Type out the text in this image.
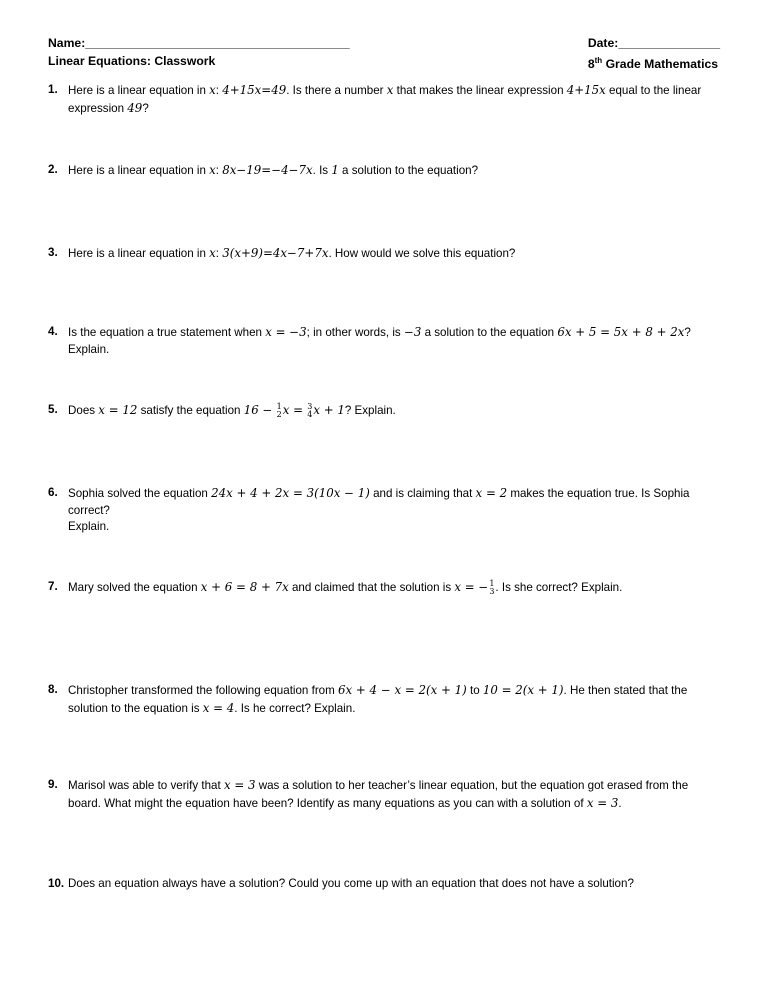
Name:_______________________________________
Linear Equations: Classwork
Date:_______________
8th Grade Mathematics
1. Here is a linear equation in x: 4+15x=49. Is there a number x that makes the linear expression 4+15x equal to the linear
expression 49?
2. Here is a linear equation in x: 8x−19=−4−7x. Is 1 a solution to the equation?
3. Here is a linear equation in x: 3(x+9)=4x−7+7x. How would we solve this equation?
4. Is the equation a true statement when x = −3; in other words, is −3 a solution to the equation 6x + 5 = 5x + 8 + 2x?
Explain.
5. Does x = 12 satisfy the equation 16 − 1
2 x = 3
4 x + 1? Explain.
6. Sophia solved the equation 24x + 4 + 2x = 3(10x − 1) and is claiming that x = 2 makes the equation true. Is Sophia correct?
Explain.
7. Mary solved the equation x + 6 = 8 + 7x and claimed that the solution is x = −1
3 . Is she correct? Explain.
8. Christopher transformed the following equation from 6x + 4 − x = 2(x + 1) to 10 = 2(x + 1). He then stated that the
solution to the equation is x = 4. Is he correct? Explain.
9. Marisol was able to verify that x = 3 was a solution to her teacher’s linear equation, but the equation got erased from the
board. What might the equation have been? Identify as many equations as you can with a solution of x = 3.
10. Does an equation always have a solution? Could you come up with an equation that does not have a solution?
